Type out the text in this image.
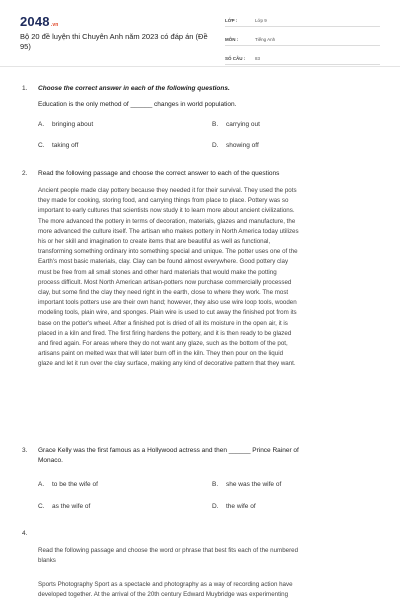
2048.vn
Bộ 20 đề luyện thi Chuyên Anh năm 2023 có đáp án (Đề 95)
LỚP :	Lớp 9
MÔN :	Tiếng Anh
SỐ CÂU :	83
1. Choose the correct answer in each of the following questions.
Education is the only method of ______ changes in world population.
A. bringing about	B. carrying out
C. taking off	D. showing off
2. Read the following passage and choose the correct answer to each of the questions
Ancient people made clay pottery because they needed it for their survival. They used the pots
they made for cooking, storing food, and carrying things from place to place. Pottery was so
important to early cultures that scientists now study it to learn more about ancient civilizations.
The more advanced the pottery in terms of decoration, materials, glazes and manufacture, the
more advanced the culture itself. The artisan who makes pottery in North America today utilizes
his or her skill and imagination to create items that are beautiful as well as functional,
transforming something ordinary into something special and unique. The potter uses one of the
Earth's most basic materials, clay. Clay can be found almost everywhere. Good pottery clay
must be free from all small stones and other hard materials that would make the potting
process difficult. Most North American artisan-potters now purchase commercially processed
clay, but some find the clay they need right in the earth, close to where they work. The most
important tools potters use are their own hand; however, they also use wire loop tools, wooden
modeling tools, plain wire, and sponges. Plain wire is used to cut away the finished pot from its
base on the potter's wheel. After a finished pot is dried of all its moisture in the open air, it is
placed in a kiln and fired. The first firing hardens the pottery, and it is then ready to be glazed
and fired again. For areas where they do not want any glaze, such as the bottom of the pot,
artisans paint on melted wax that will later burn off in the kiln. They then pour on the liquid
glaze and let it run over the clay surface, making any kind of decorative pattern that they want.
3. Grace Kelly was the first famous as a Hollywood actress and then ______ Prince Rainer of
Monaco.
A. to be the wife of	B. she was the wife of
C. as the wife of	D. the wife of
4.
Read the following passage and choose the word or phrase that best fits each of the numbered
blanks
Sports Photography Sport as a spectacle and photography as a way of recording action have
developed together. At the arrival of the 20th century Edward Muybridge was experimenting
